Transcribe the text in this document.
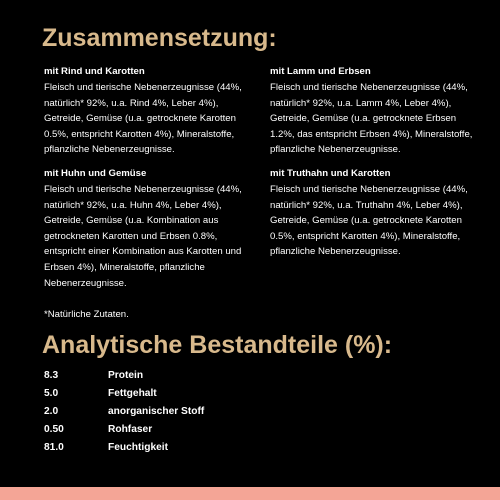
Zusammensetzung:
mit Rind und Karotten
Fleisch und tierische Nebenerzeugnisse (44%, natürlich* 92%, u.a. Rind 4%, Leber 4%), Getreide, Gemüse (u.a. getrocknete Karotten 0.5%, entspricht Karotten 4%), Mineralstoffe, pflanzliche Nebenerzeugnisse.
mit Huhn und Gemüse
Fleisch und tierische Nebenerzeugnisse (44%, natürlich* 92%, u.a. Huhn 4%, Leber 4%), Getreide, Gemüse (u.a. Kombination aus getrockneten Karotten und Erbsen 0.8%, entspricht einer Kombination aus Karotten und Erbsen 4%), Mineralstoffe, pflanzliche Nebenerzeugnisse.
mit Lamm und Erbsen
Fleisch und tierische Nebenerzeugnisse (44%, natürlich* 92%, u.a. Lamm 4%, Leber 4%), Getreide, Gemüse (u.a. getrocknete Erbsen 1.2%, das entspricht Erbsen 4%), Mineralstoffe, pflanzliche Nebenerzeugnisse.
mit Truthahn und Karotten
Fleisch und tierische Nebenerzeugnisse (44%, natürlich* 92%, u.a. Truthahn 4%, Leber 4%), Getreide, Gemüse (u.a. getrocknete Karotten 0.5%, entspricht Karotten 4%), Mineralstoffe, pflanzliche Nebenerzeugnisse.
*Natürliche Zutaten.
Analytische Bestandteile (%):
8.3	Protein
5.0	Fettgehalt
2.0	anorganischer Stoff
0.50	Rohfaser
81.0	Feuchtigkeit
